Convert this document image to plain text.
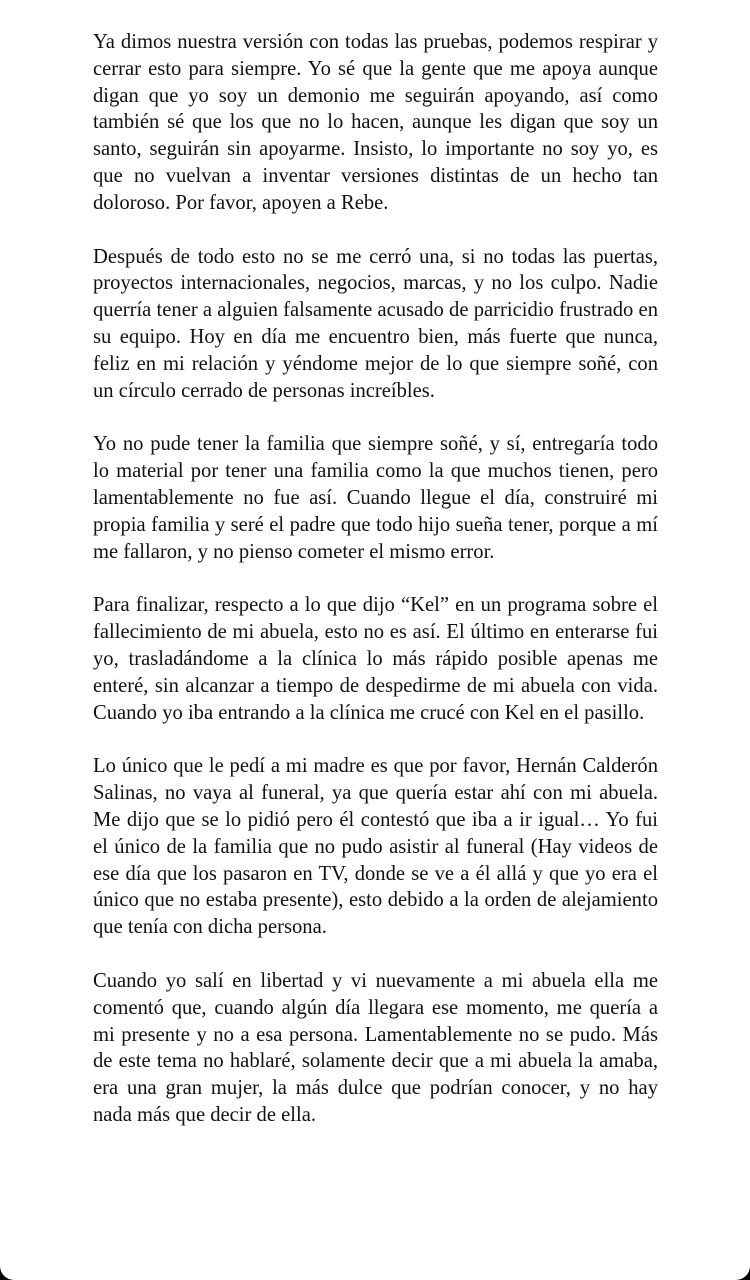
Ya dimos nuestra versión con todas las pruebas, podemos respirar y cerrar esto para siempre. Yo sé que la gente que me apoya aunque digan que yo soy un demonio me seguirán apoyando, así como también sé que los que no lo hacen, aunque les digan que soy un santo, seguirán sin apoyarme. Insisto, lo importante no soy yo, es que no vuelvan a inventar versiones distintas de un hecho tan doloroso. Por favor, apoyen a Rebe.

Después de todo esto no se me cerró una, si no todas las puertas, proyectos internacionales, negocios, marcas, y no los culpo. Nadie querría tener a alguien falsamente acusado de parricidio frustrado en su equipo. Hoy en día me encuentro bien, más fuerte que nunca, feliz en mi relación y yéndome mejor de lo que siempre soñé, con un círculo cerrado de personas increíbles.

Yo no pude tener la familia que siempre soñé, y sí, entregaría todo lo material por tener una familia como la que muchos tienen, pero lamentablemente no fue así. Cuando llegue el día, construiré mi propia familia y seré el padre que todo hijo sueña tener, porque a mí me fallaron, y no pienso cometer el mismo error.

Para finalizar, respecto a lo que dijo “Kel” en un programa sobre el fallecimiento de mi abuela, esto no es así. El último en enterarse fui yo, trasladándome a la clínica lo más rápido posible apenas me enteré, sin alcanzar a tiempo de despedirme de mi abuela con vida. Cuando yo iba entrando a la clínica me crucé con Kel en el pasillo.

Lo único que le pedí a mi madre es que por favor, Hernán Calderón Salinas, no vaya al funeral, ya que quería estar ahí con mi abuela. Me dijo que se lo pidió pero él contestó que iba a ir igual… Yo fui el único de la familia que no pudo asistir al funeral (Hay videos de ese día que los pasaron en TV, donde se ve a él allá y que yo era el único que no estaba presente), esto debido a la orden de alejamiento que tenía con dicha persona.

Cuando yo salí en libertad y vi nuevamente a mi abuela ella me comentó que, cuando algún día llegara ese momento, me quería a mi presente y no a esa persona. Lamentablemente no se pudo. Más de este tema no hablaré, solamente decir que a mi abuela la amaba, era una gran mujer, la más dulce que podrían conocer, y no hay nada más que decir de ella.
